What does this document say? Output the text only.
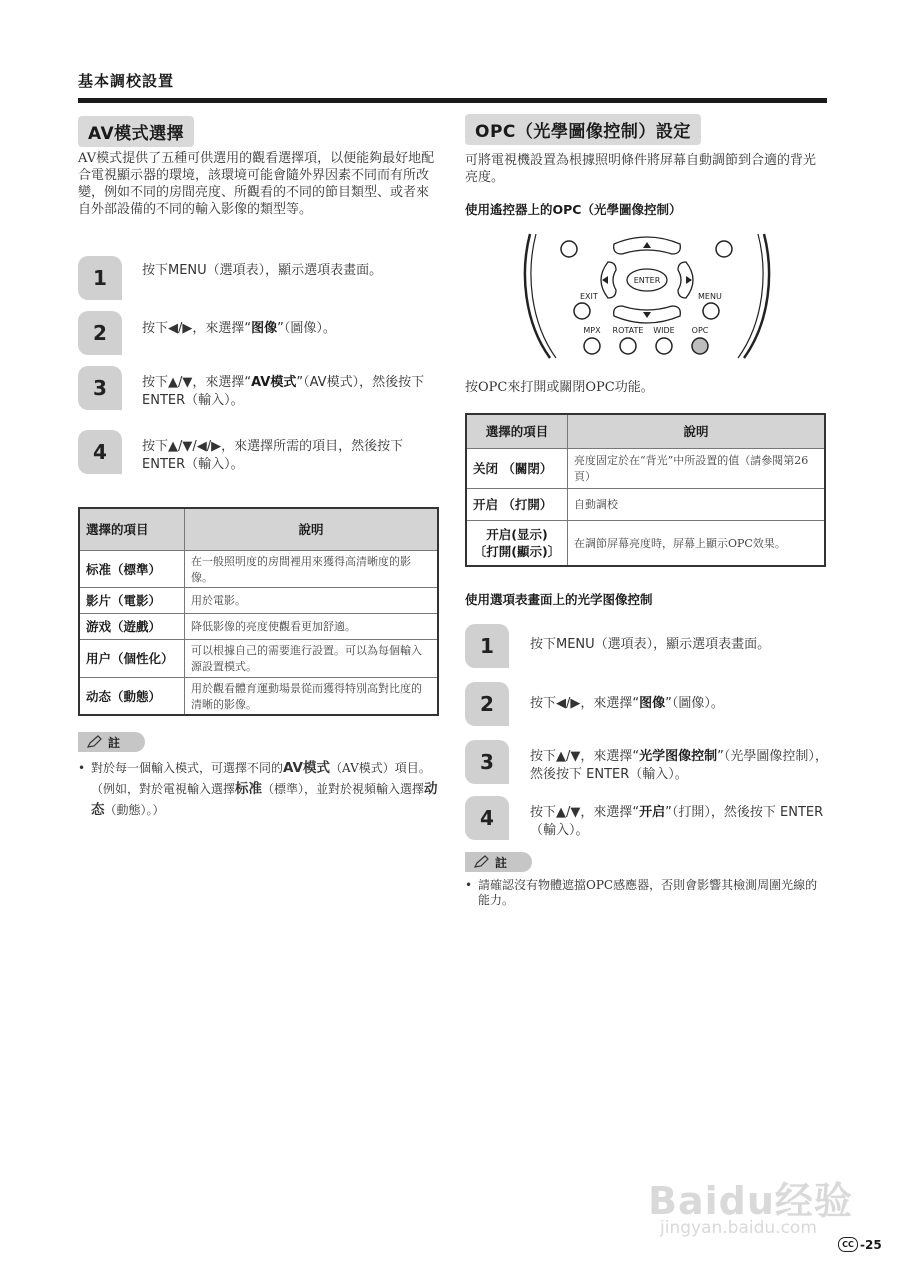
基本調校設置
AV模式選擇
AV模式提供了五種可供選用的觀看選擇項，以便能夠最好地配合電視顯示器的環境，該環境可能會隨外界因素不同而有所改變，例如不同的房間亮度、所觀看的不同的節目類型、或者來自外部設備的不同的輸入影像的類型等。
1	按下MENU（選項表），顯示選項表畫面。
2	按下◀/▶，來選擇“图像”（圖像）。
3	按下▲/▼，來選擇“AV模式”（AV模式），然後按下 ENTER（輸入）。
4	按下▲/▼/◀/▶，來選擇所需的項目，然後按下ENTER（輸入）。
選擇的項目	說明
标准（標準）	在一般照明度的房間裡用來獲得高清晰度的影像。
影片（電影）	用於電影。
游戏（遊戲）	降低影像的亮度使觀看更加舒適。
用户（個性化）	可以根據自己的需要進行設置。可以為每個輸入源設置模式。
动态（動態）	用於觀看體育運動場景從而獲得特別高對比度的清晰的影像。
註
• 對於每一個輸入模式，可選擇不同的AV模式（AV模式）項目。（例如，對於電視輸入選擇标准（標準），並對於視頻輸入選擇动态（動態）。）
OPC（光學圖像控制）設定
可將電視機設置為根據照明條件將屏幕自動調節到合適的背光亮度。
使用遙控器上的OPC（光學圖像控制）
ENTER
EXIT	MENU
MPX ROTATE WIDE OPC
按OPC來打開或關閉OPC功能。
選擇的項目	說明
关闭 （關閉）	亮度固定於在“背光”中所設置的值（請參閱第26頁）
开启 （打開）	自動調校

开启(显示)
〔打開(顯示)〕	在調節屏幕亮度時，屏幕上顯示OPC效果。
使用選項表畫面上的光学图像控制
1	按下MENU（選項表），顯示選項表畫面。
2	按下◀/▶，來選擇“图像”（圖像）。
3	按下▲/▼，來選擇“光学图像控制”（光學圖像控制），然後按下 ENTER（輸入）。
4	按下▲/▼，來選擇“开启”（打開），然後按下 ENTER（輸入）。
註
• 請確認沒有物體遮擋OPC感應器，否則會影響其檢測周圍光線的能力。
Baidu经验
jingyan.baidu.com
CC -25
